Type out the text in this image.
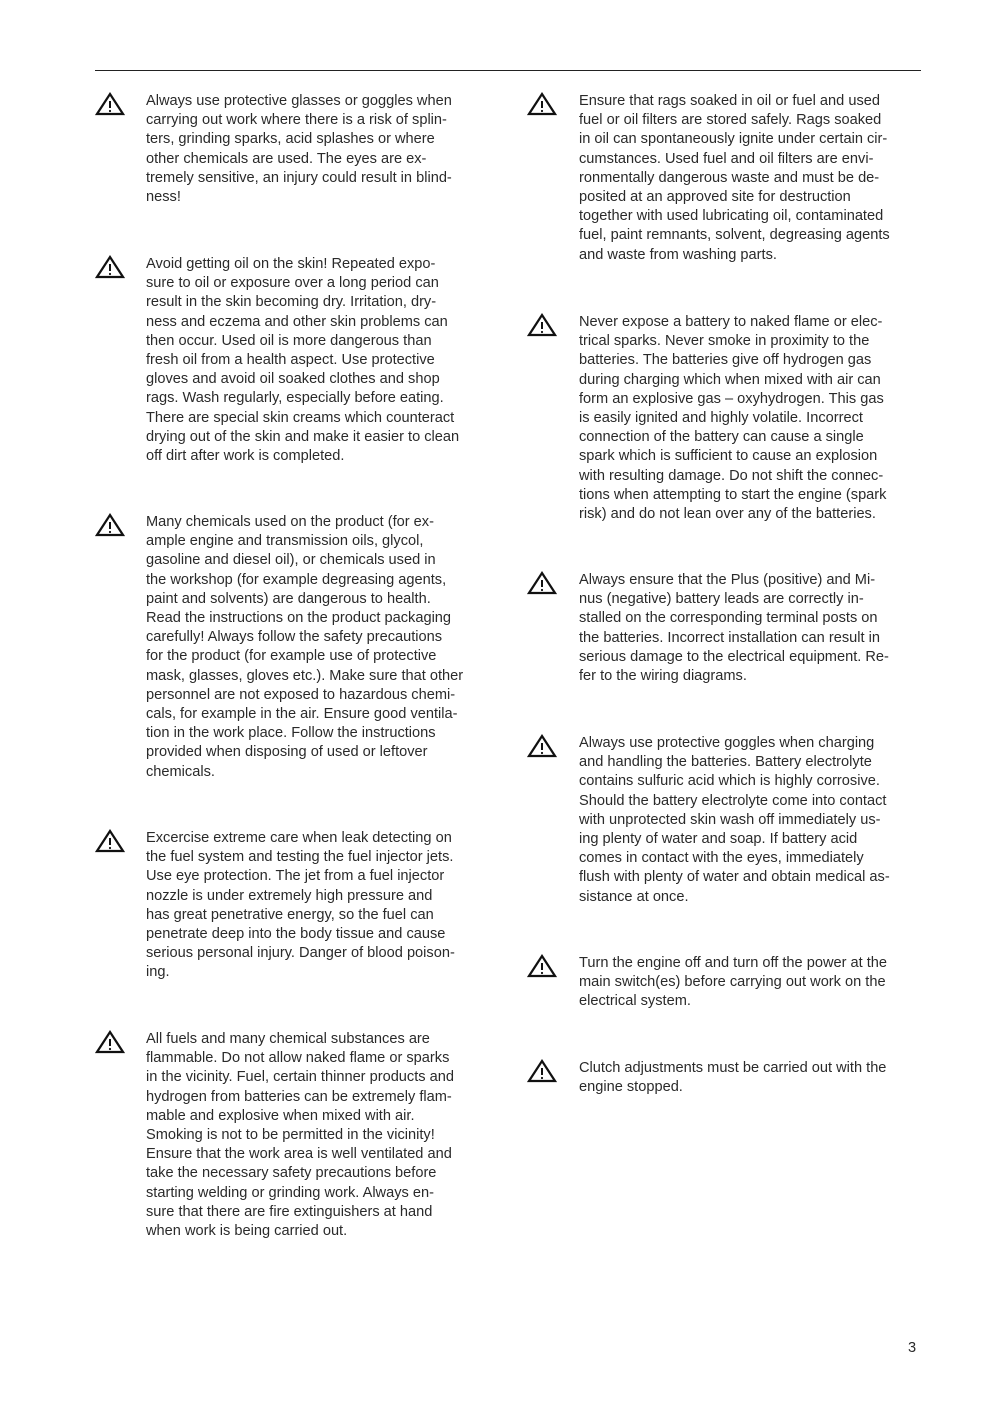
Always use protective glasses or goggles when
carrying out work where there is a risk of splin-
ters, grinding sparks, acid splashes or where
other chemicals are used. The eyes are ex-
tremely sensitive, an injury could result in blind-
ness!

Avoid getting oil on the skin! Repeated expo-
sure to oil or exposure over a long period can
result in the skin becoming dry. Irritation, dry-
ness and eczema and other skin problems can
then occur. Used oil is more dangerous than
fresh oil from a health aspect. Use protective
gloves and avoid oil soaked clothes and shop
rags. Wash regularly, especially before eating.
There are special skin creams which counteract
drying out of the skin and make it easier to clean
off dirt after work is completed.

Many chemicals used on the product (for ex-
ample engine and transmission oils, glycol,
gasoline and diesel oil), or chemicals used in
the workshop (for example degreasing agents,
paint and solvents) are dangerous to health.
Read the instructions on the product packaging
carefully! Always follow the safety precautions
for the product (for example use of protective
mask, glasses, gloves etc.). Make sure that other
personnel are not exposed to hazardous chemi-
cals, for example in the air. Ensure good ventila-
tion in the work place. Follow the instructions
provided when disposing of used or leftover
chemicals.

Excercise extreme care when leak detecting on
the fuel system and testing the fuel injector jets.
Use eye protection. The jet from a fuel injector
nozzle is under extremely high pressure and
has great penetrative energy, so the fuel can
penetrate deep into the body tissue and cause
serious personal injury. Danger of blood poison-
ing.

All fuels and many chemical substances are
flammable. Do not allow naked flame or sparks
in the vicinity. Fuel, certain thinner products and
hydrogen from batteries can be extremely flam-
mable and explosive when mixed with air.
Smoking is not to be permitted in the vicinity!
Ensure that the work area is well ventilated and
take the necessary safety precautions before
starting welding or grinding work. Always en-
sure that there are fire extinguishers at hand
when work is being carried out.

Ensure that rags soaked in oil or fuel and used
fuel or oil filters are stored safely. Rags soaked
in oil can spontaneously ignite under certain cir-
cumstances. Used fuel and oil filters are envi-
ronmentally dangerous waste and must be de-
posited at an approved site for destruction
together with used lubricating oil, contaminated
fuel, paint remnants, solvent, degreasing agents
and waste from washing parts.

Never expose a battery to naked flame or elec-
trical sparks. Never smoke in proximity to the
batteries. The batteries give off hydrogen gas
during charging which when mixed with air can
form an explosive gas – oxyhydrogen. This gas
is easily ignited and highly volatile. Incorrect
connection of the battery can cause a single
spark which is sufficient to cause an explosion
with resulting damage. Do not shift the connec-
tions when attempting to start the engine (spark
risk) and do not lean over any of the batteries.

Always ensure that the Plus (positive) and Mi-
nus (negative) battery leads are correctly in-
stalled on the corresponding terminal posts on
the batteries. Incorrect installation can result in
serious damage to the electrical equipment. Re-
fer to the wiring diagrams.

Always use protective goggles when charging
and handling the batteries. Battery electrolyte
contains sulfuric acid which is highly corrosive.
Should the battery electrolyte come into contact
with unprotected skin wash off immediately us-
ing plenty of water and soap. If battery acid
comes in contact with the eyes, immediately
flush with plenty of water and obtain medical as-
sistance at once.

Turn the engine off and turn off the power at the
main switch(es) before carrying out work on the
electrical system.

Clutch adjustments must be carried out with the
engine stopped.

3
